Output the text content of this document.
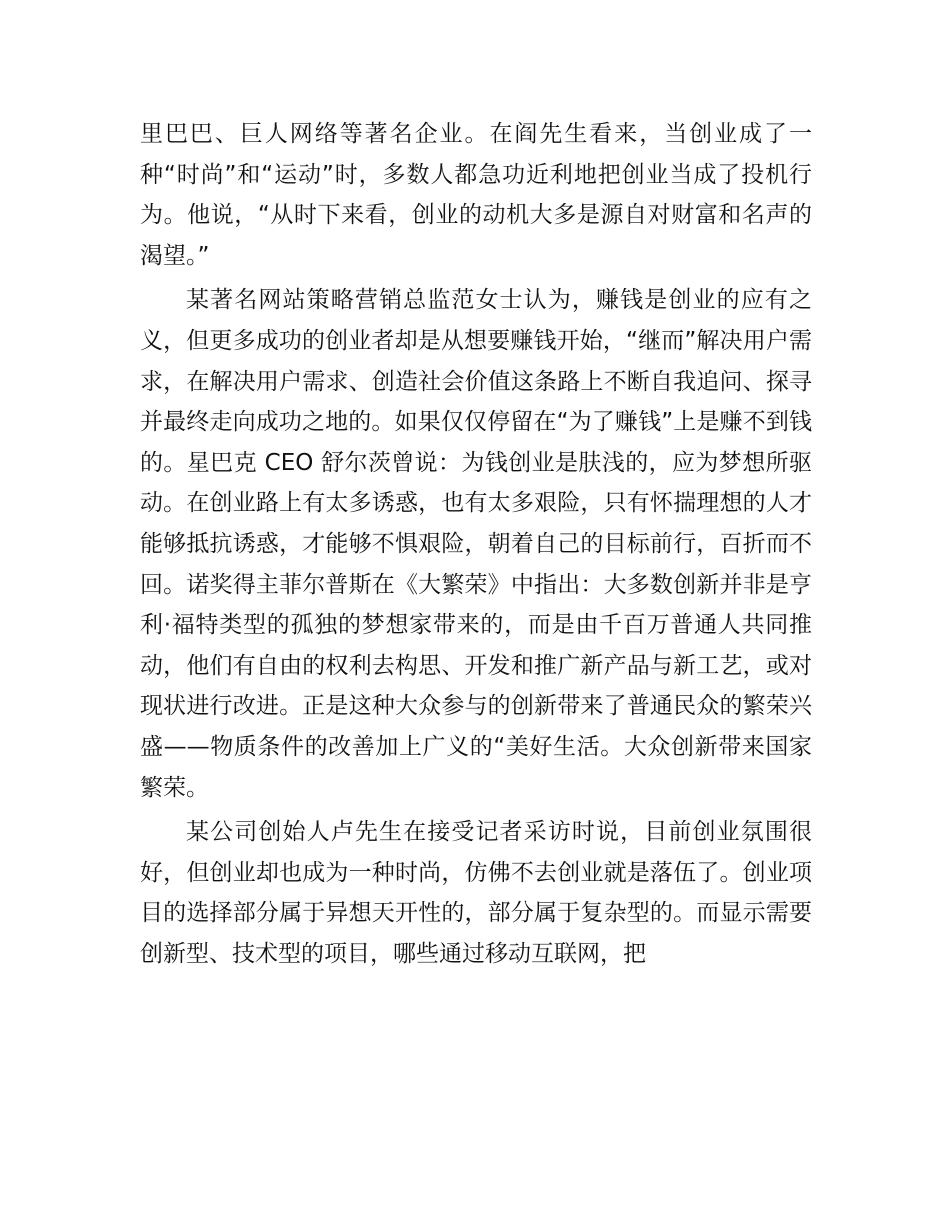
里巴巴、巨人网络等著名企业。在阎先生看来，当创业成了一种“时尚”和“运动”时，多数人都急功近利地把创业当成了投机行为。他说，“从时下来看，创业的动机大多是源自对财富和名声的渴望。”

某著名网站策略营销总监范女士认为，赚钱是创业的应有之义，但更多成功的创业者却是从想要赚钱开始，“继而”解决用户需求，在解决用户需求、创造社会价值这条路上不断自我追问、探寻并最终走向成功之地的。如果仅仅停留在“为了赚钱”上是赚不到钱的。星巴克 CEO 舒尔茨曾说：为钱创业是肤浅的，应为梦想所驱动。在创业路上有太多诱惑，也有太多艰险，只有怀揣理想的人才能够抵抗诱惑，才能够不惧艰险，朝着自己的目标前行，百折而不回。诺奖得主菲尔普斯在《大繁荣》中指出：大多数创新并非是亨利·福特类型的孤独的梦想家带来的，而是由千百万普通人共同推动，他们有自由的权利去构思、开发和推广新产品与新工艺，或对现状进行改进。正是这种大众参与的创新带来了普通民众的繁荣兴盛——物质条件的改善加上广义的“美好生活。大众创新带来国家繁荣。

某公司创始人卢先生在接受记者采访时说，目前创业氛围很好，但创业却也成为一种时尚，仿佛不去创业就是落伍了。创业项目的选择部分属于异想天开性的，部分属于复杂型的。而显示需要创新型、技术型的项目，哪些通过移动互联网，把
